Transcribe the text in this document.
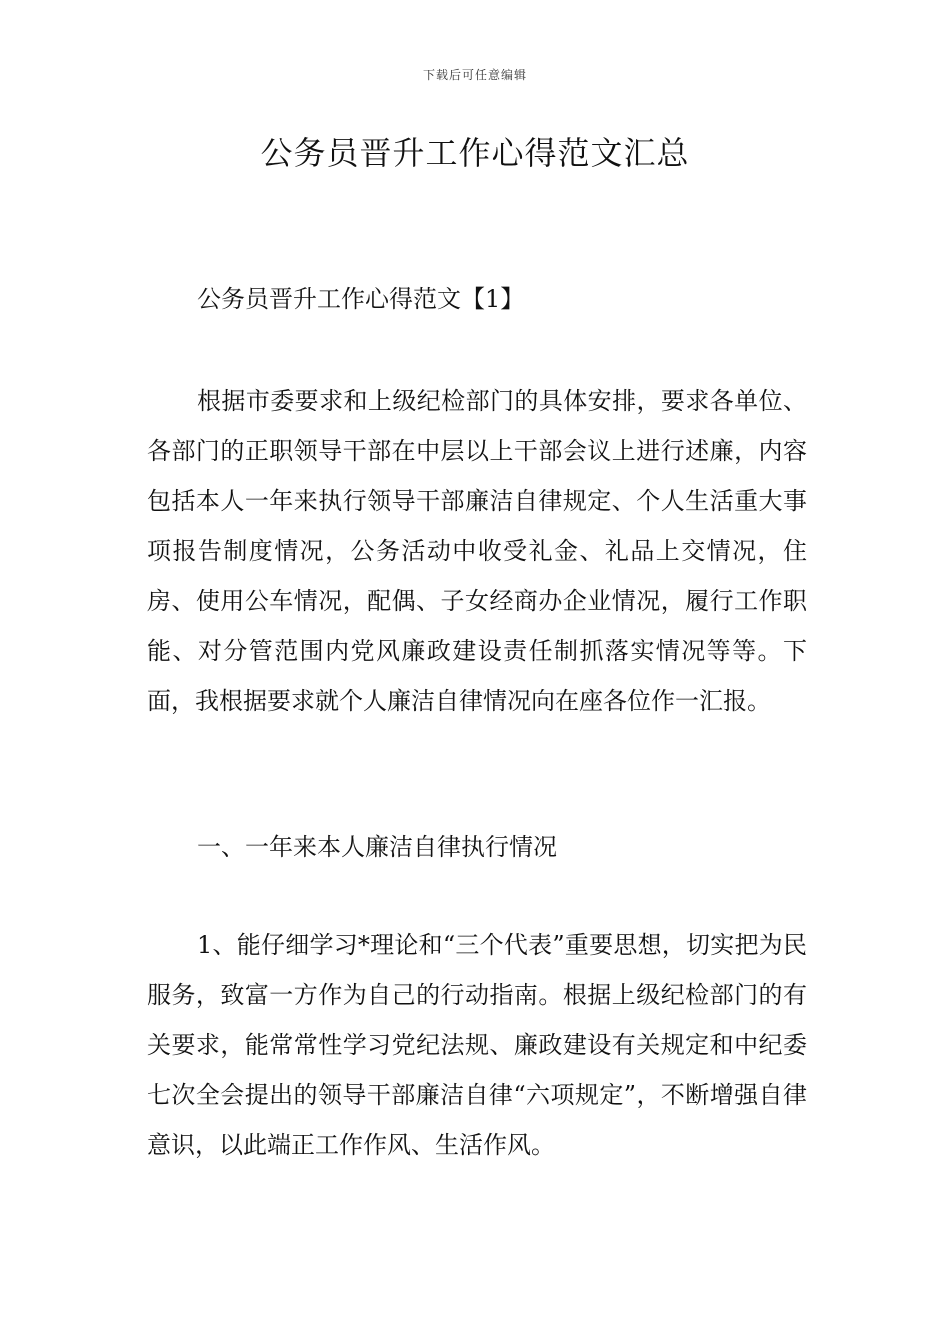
下载后可任意编辑
公务员晋升工作心得范文汇总

公务员晋升工作心得范文【1】

根据市委要求和上级纪检部门的具体安排，要求各单位、各部门的正职领导干部在中层以上干部会议上进行述廉，内容包括本人一年来执行领导干部廉洁自律规定、个人生活重大事项报告制度情况，公务活动中收受礼金、礼品上交情况，住房、使用公车情况，配偶、子女经商办企业情况，履行工作职能、对分管范围内党风廉政建设责任制抓落实情况等等。下面，我根据要求就个人廉洁自律情况向在座各位作一汇报。

一、一年来本人廉洁自律执行情况

1、能仔细学习*理论和“三个代表”重要思想，切实把为民服务，致富一方作为自己的行动指南。根据上级纪检部门的有关要求，能常常性学习党纪法规、廉政建设有关规定和中纪委七次全会提出的领导干部廉洁自律“六项规定”，不断增强自律意识，以此端正工作作风、生活作风。
